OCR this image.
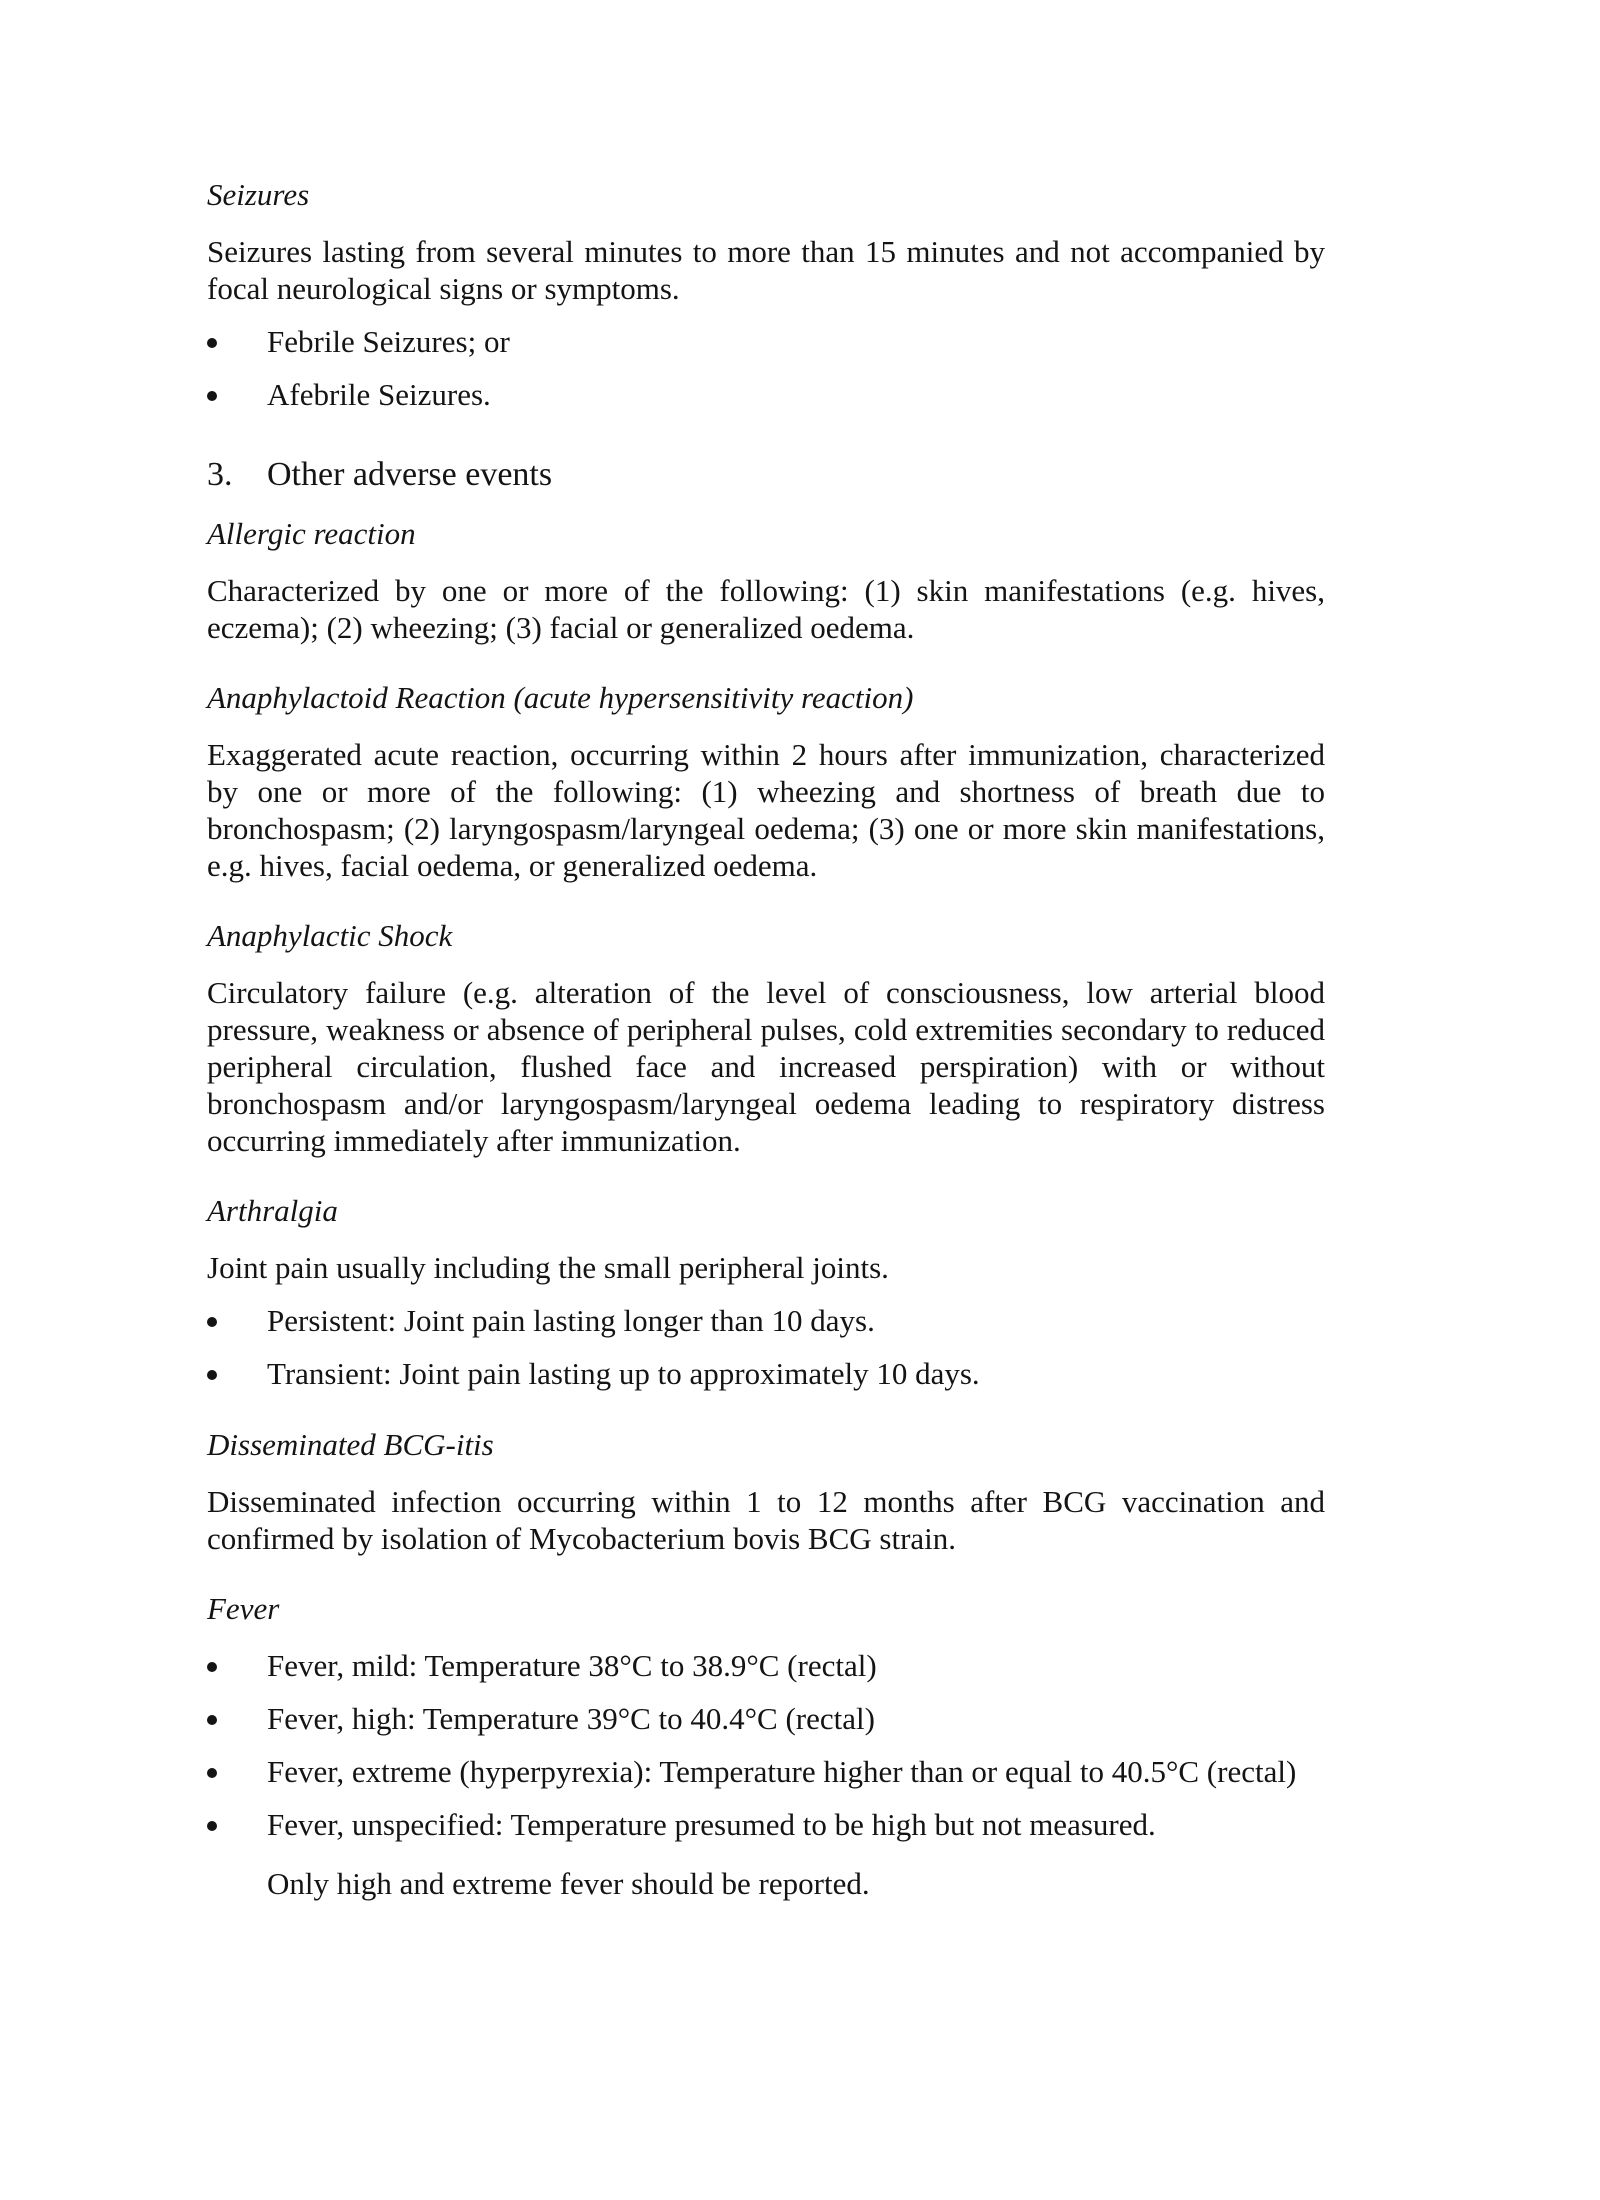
Seizures

Seizures lasting from several minutes to more than 15 minutes and not accompanied by focal neurological signs or symptoms.

Febrile Seizures; or
Afebrile Seizures.
3.	Other adverse events
Allergic reaction

Characterized by one or more of the following: (1) skin manifestations (e.g. hives, eczema); (2) wheezing; (3) facial or generalized oedema.

Anaphylactoid Reaction (acute hypersensitivity reaction)

Exaggerated acute reaction, occurring within 2 hours after immunization, characterized by one or more of the following: (1) wheezing and shortness of breath due to bronchospasm; (2) laryngospasm/laryngeal oedema; (3) one or more skin manifestations, e.g. hives, facial oedema, or generalized oedema.

Anaphylactic Shock

Circulatory failure (e.g. alteration of the level of consciousness, low arterial blood pressure, weakness or absence of peripheral pulses, cold extremities secondary to reduced peripheral circulation, flushed face and increased perspiration) with or without bronchospasm and/or laryngospasm/laryngeal oedema leading to respiratory distress occurring immediately after immunization.

Arthralgia

Joint pain usually including the small peripheral joints.

Persistent: Joint pain lasting longer than 10 days.
Transient: Joint pain lasting up to approximately 10 days.
Disseminated BCG-itis

Disseminated infection occurring within 1 to 12 months after BCG vaccination and confirmed by isolation of Mycobacterium bovis BCG strain.

Fever
Fever, mild: Temperature 38°C to 38.9°C (rectal)
Fever, high: Temperature 39°C to 40.4°C (rectal)
Fever, extreme (hyperpyrexia): Temperature higher than or equal to 40.5°C (rectal)
Fever, unspecified: Temperature presumed to be high but not measured.

Only high and extreme fever should be reported.
